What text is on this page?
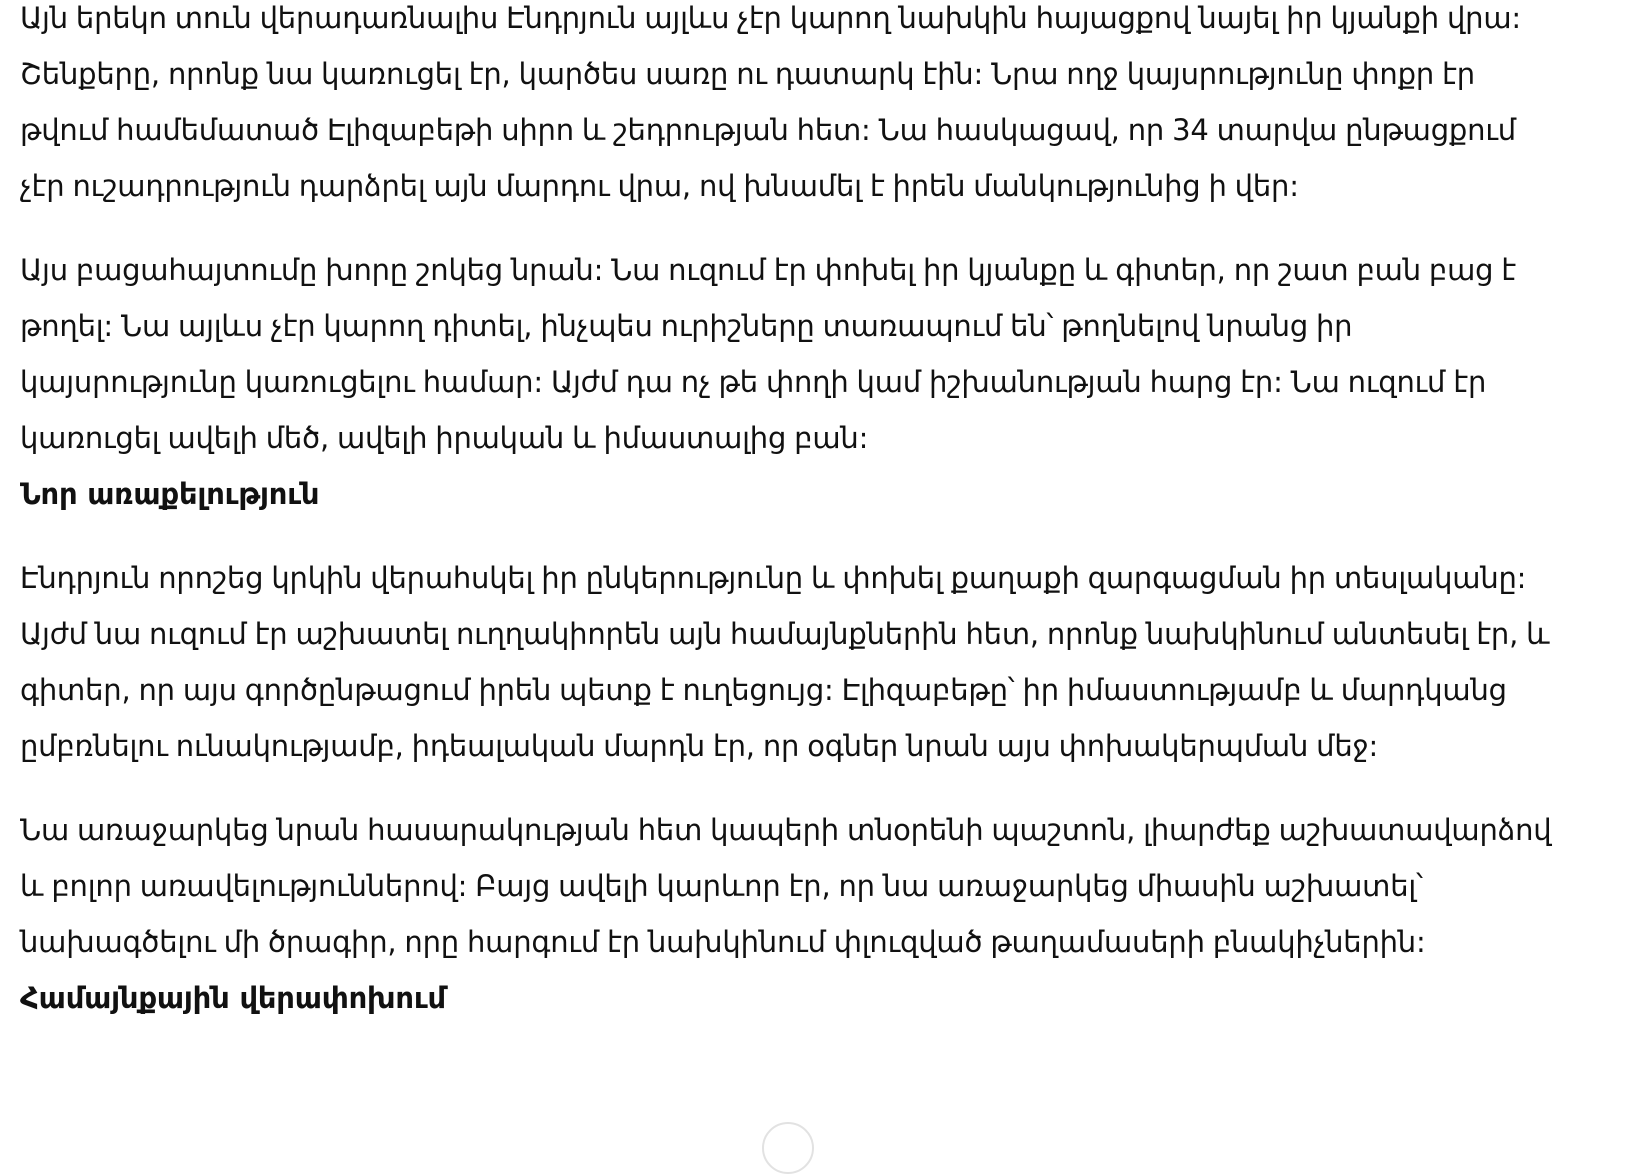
Այն երեկո տուն վերադառնալիս Էնդրյուն այլևս չէր կարող նախկին հայացքով նայել իր կյանքի վրա:
Շենքերը, որոնք նա կառուցել էր, կարծես սառը ու դատարկ էին: Նրա ողջ կայսրությունը փոքր էր
թվում համեմատած Էլիզաբեթի սիրո և շեդրության հետ: Նա հասկացավ, որ 34 տարվա ընթացքում
չէր ուշադրություն դարձրել այն մարդու վրա, ով խնամել է իրեն մանկությունից ի վեր:

Այս բացահայտումը խորը շոկեց նրան: Նա ուզում էր փոխել իր կյանքը և գիտեր, որ շատ բան բաց է
թողել: Նա այլևս չէր կարող դիտել, ինչպես ուրիշները տառապում են՝ թողնելով նրանց իր
կայսրությունը կառուցելու համար: Այժմ դա ոչ թե փողի կամ իշխանության հարց էր: Նա ուզում էր
կառուցել ավելի մեծ, ավելի իրական և իմաստալից բան:

Նոր առաքելություն

Էնդրյուն որոշեց կրկին վերահսկել իր ընկերությունը և փոխել քաղաքի զարգացման իր տեսլականը:
Այժմ նա ուզում էր աշխատել ուղղակիորեն այն համայնքներին հետ, որոնք նախկինում անտեսել էր, և
գիտեր, որ այս գործընթացում իրեն պետք է ուղեցույց: Էլիզաբեթը՝ իր իմաստությամբ և մարդկանց
ըմբռնելու ունակությամբ, իդեալական մարդն էր, որ օգներ նրան այս փոխակերպման մեջ:

Նա առաջարկեց նրան հասարակության հետ կապերի տնօրենի պաշտոն, լիարժեք աշխատավարձով
և բոլոր առավելություններով: Բայց ավելի կարևոր էր, որ նա առաջարկեց միասին աշխատել՝
նախագծելու մի ծրագիր, որը հարգում էր նախկինում փլուզված թաղամասերի բնակիչներին:

Համայնքային վերափոխում
